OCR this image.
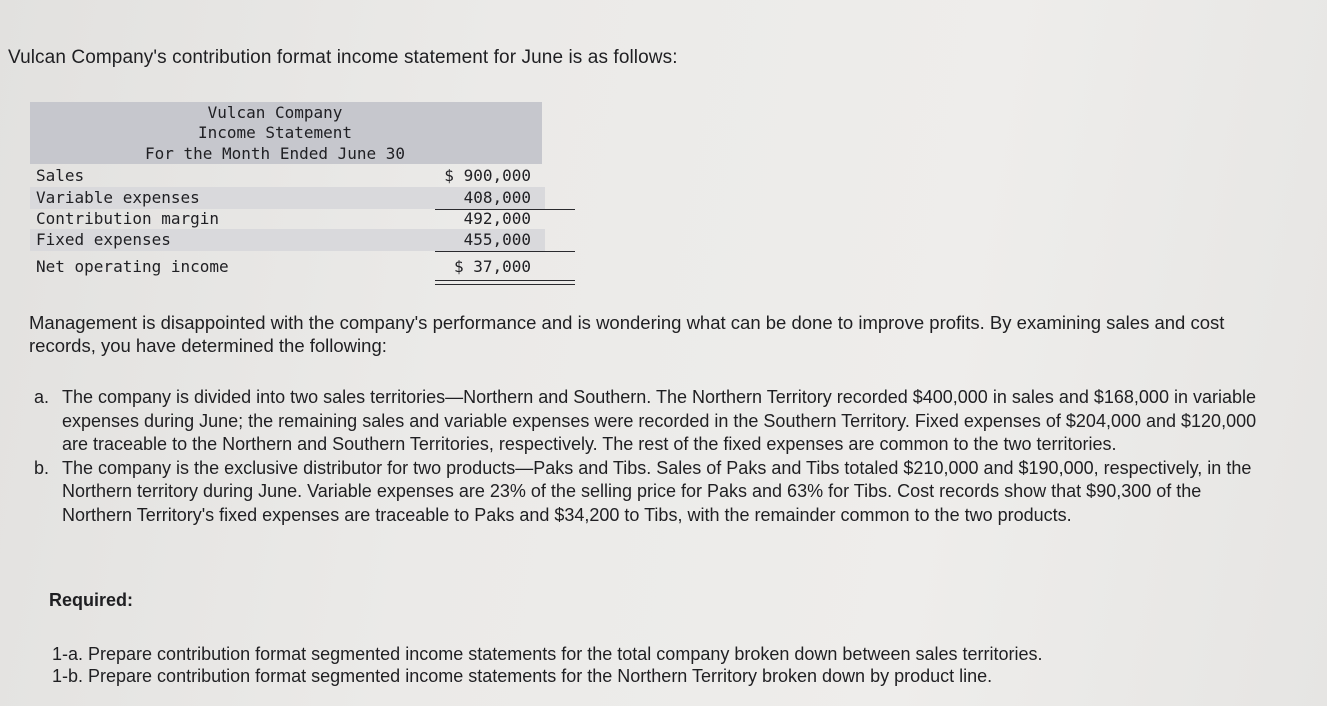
Vulcan Company's contribution format income statement for June is as follows:
Vulcan Company
Income Statement
For the Month Ended June 30
Sales	$ 900,000
Variable expenses	408,000
Contribution margin	492,000
Fixed expenses	455,000
Net operating income	$ 37,000
Management is disappointed with the company's performance and is wondering what can be done to improve profits. By examining sales and cost records, you have determined the following:
a. The company is divided into two sales territories—Northern and Southern. The Northern Territory recorded $400,000 in sales and $168,000 in variable expenses during June; the remaining sales and variable expenses were recorded in the Southern Territory. Fixed expenses of $204,000 and $120,000 are traceable to the Northern and Southern Territories, respectively. The rest of the fixed expenses are common to the two territories.
b. The company is the exclusive distributor for two products—Paks and Tibs. Sales of Paks and Tibs totaled $210,000 and $190,000, respectively, in the Northern territory during June. Variable expenses are 23% of the selling price for Paks and 63% for Tibs. Cost records show that $90,300 of the Northern Territory's fixed expenses are traceable to Paks and $34,200 to Tibs, with the remainder common to the two products.
Required:
1-a. Prepare contribution format segmented income statements for the total company broken down between sales territories.
1-b. Prepare contribution format segmented income statements for the Northern Territory broken down by product line.
